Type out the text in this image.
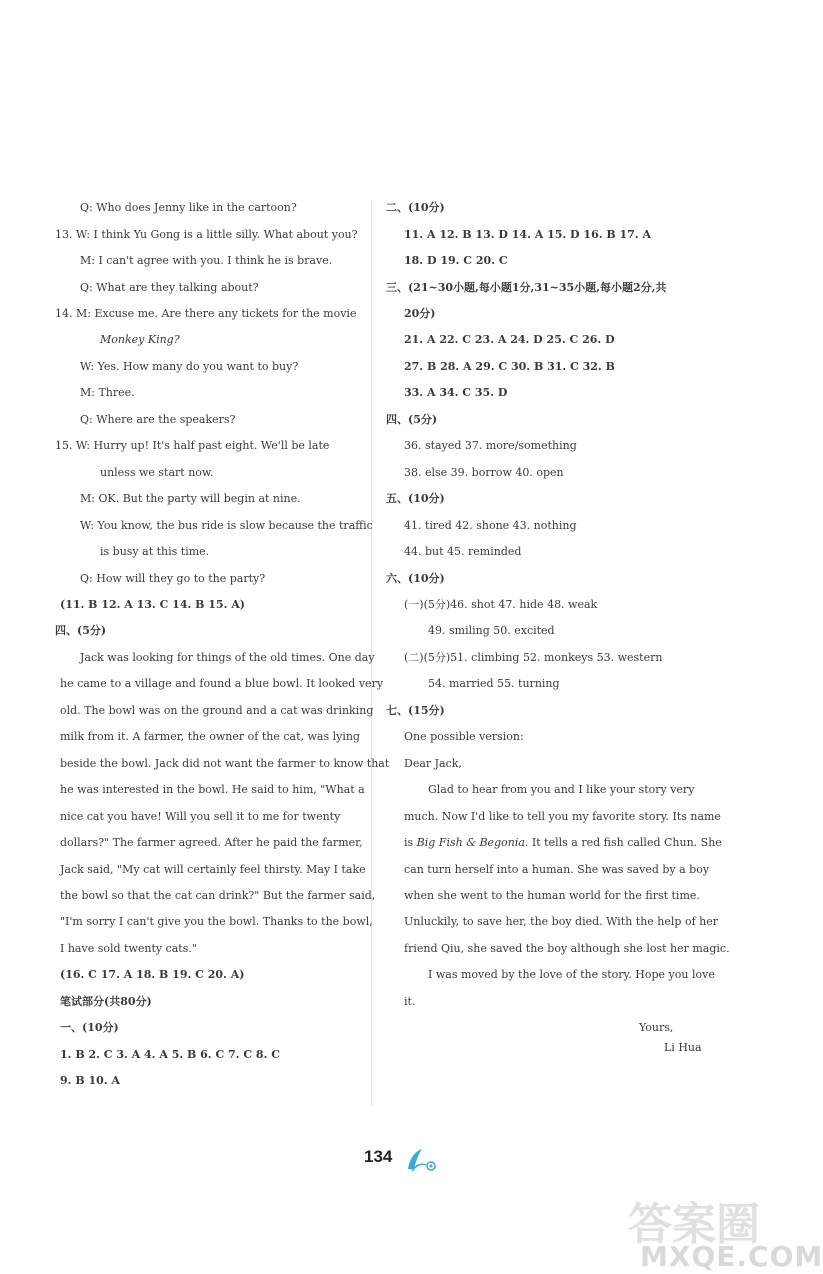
Q: Who does Jenny like in the cartoon?
13. W: I think Yu Gong is a little silly. What about you?
M: I can't agree with you. I think he is brave.
Q: What are they talking about?
14. M: Excuse me. Are there any tickets for the movie
Monkey King?
W: Yes. How many do you want to buy?
M: Three.
Q: Where are the speakers?
15. W: Hurry up! It's half past eight. We'll be late
unless we start now.
M: OK. But the party will begin at nine.
W: You know, the bus ride is slow because the traffic
is busy at this time.
Q: How will they go to the party?
(11. B 12. A 13. C 14. B 15. A)
四、(5分)
Jack was looking for things of the old times. One day
he came to a village and found a blue bowl. It looked very
old. The bowl was on the ground and a cat was drinking
milk from it. A farmer, the owner of the cat, was lying
beside the bowl. Jack did not want the farmer to know that
he was interested in the bowl. He said to him, "What a
nice cat you have! Will you sell it to me for twenty
dollars?" The farmer agreed. After he paid the farmer,
Jack said, "My cat will certainly feel thirsty. May I take
the bowl so that the cat can drink?" But the farmer said,
"I'm sorry I can't give you the bowl. Thanks to the bowl,
I have sold twenty cats."
(16. C 17. A 18. B 19. C 20. A)
笔试部分(共80分)
一、(10分)
1. B 2. C 3. A 4. A 5. B 6. C 7. C 8. C
9. B 10. A
二、(10分)
11. A 12. B 13. D 14. A 15. D 16. B 17. A
18. D 19. C 20. C
三、(21~30小题,每小题1分,31~35小题,每小题2分,共
20分)
21. A 22. C 23. A 24. D 25. C 26. D
27. B 28. A 29. C 30. B 31. C 32. B
33. A 34. C 35. D
四、(5分)
36. stayed 37. more/something
38. else 39. borrow 40. open
五、(10分)
41. tired 42. shone 43. nothing
44. but 45. reminded
六、(10分)
(一)(5分)46. shot 47. hide 48. weak
49. smiling 50. excited
(二)(5分)51. climbing 52. monkeys 53. western
54. married 55. turning
七、(15分)
One possible version:
Dear Jack,
Glad to hear from you and I like your story very
much. Now I'd like to tell you my favorite story. Its name
is Big Fish & Begonia. It tells a red fish called Chun. She
can turn herself into a human. She was saved by a boy
when she went to the human world for the first time.
Unluckily, to save her, the boy died. With the help of her
friend Qiu, she saved the boy although she lost her magic.
I was moved by the love of the story. Hope you love
it.
Yours,
Li Hua
134
答案圈
MXQE.COM
